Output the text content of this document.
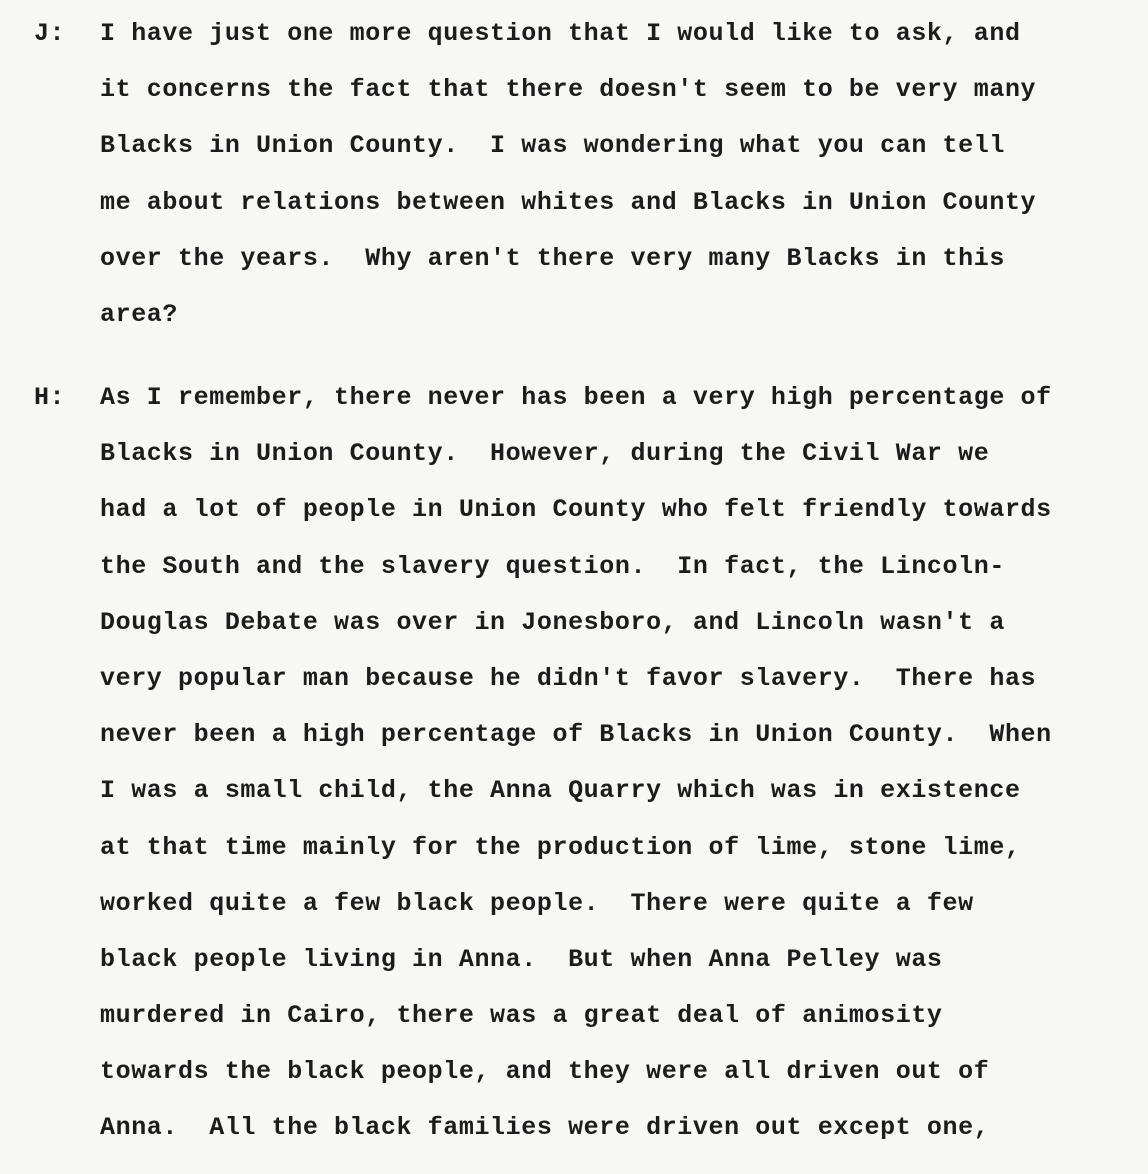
J: I have just one more question that I would like to ask, and
it concerns the fact that there doesn't seem to be very many
Blacks in Union County.  I was wondering what you can tell
me about relations between whites and Blacks in Union County
over the years.  Why aren't there very many Blacks in this
area?
H: As I remember, there never has been a very high percentage of
Blacks in Union County.  However, during the Civil War we
had a lot of people in Union County who felt friendly towards
the South and the slavery question.  In fact, the Lincoln-
Douglas Debate was over in Jonesboro, and Lincoln wasn't a
very popular man because he didn't favor slavery.  There has
never been a high percentage of Blacks in Union County.  When
I was a small child, the Anna Quarry which was in existence
at that time mainly for the production of lime, stone lime,
worked quite a few black people.  There were quite a few
black people living in Anna.  But when Anna Pelley was
murdered in Cairo, there was a great deal of animosity
towards the black people, and they were all driven out of
Anna.  All the black families were driven out except one,
